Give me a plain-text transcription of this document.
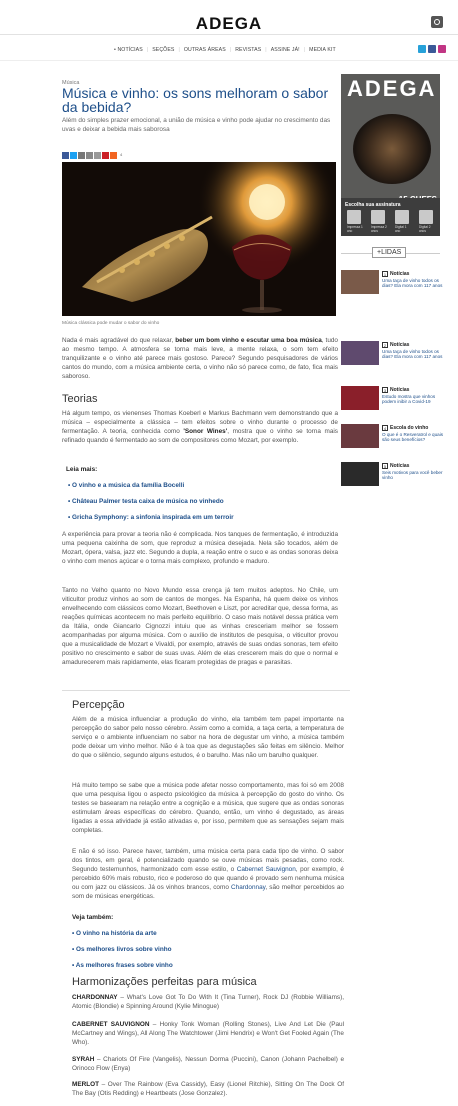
ADEGA
• NOTÍCIAS | SEÇÕES | OUTRAS ÁREAS | REVISTAS | ASSINE JÁ! | MEDIA KIT
Música
Música e vinho: os sons melhoram o sabor da bebida?
Além do simples prazer emocional, a união de música e vinho pode ajudar no crescimento das uvas e deixar a bebida mais saborosa
4
Música clássica pode mudar o sabor do vinho

Nada é mais agradável do que relaxar, beber um bom vinho e escutar uma boa música, tudo ao mesmo tempo. A atmosfera se torna mais leve, a mente relaxa, o som tem efeito tranquilizante e o vinho até parece mais gostoso. Parece? Segundo pesquisadores de vários cantos do mundo, com a música ambiente certa, o vinho não só parece como, de fato, fica mais saboroso.

Teorias

Há algum tempo, os vienenses Thomas Koeberl e Markus Bachmann vem demonstrando que a música – especialmente a clássica – tem efeitos sobre o vinho durante o processo de fermentação. A teoria, conhecida como 'Sonor Wines', mostra que o vinho se torna mais refinado quando é fermentado ao som de compositores como Mozart, por exemplo.

Leia mais:
• O vinho e a música da família Bocelli
• Château Palmer testa caixa de música no vinhedo
• Gricha Symphony: a sinfonia inspirada em um terroir

A experiência para provar a teoria não é complicada. Nos tanques de fermentação, é introduzida uma pequena caixinha de som, que reproduz a música desejada. Nela são tocados, além de Mozart, ópera, valsa, jazz etc. Segundo a dupla, a reação entre o suco e as ondas sonoras deixa o vinho com menos açúcar e o torna mais complexo, profundo e maduro.

Tanto no Velho quanto no Novo Mundo essa crença já tem muitos adeptos. No Chile, um viticultor produz vinhos ao som de cantos de monges. Na Espanha, há quem deixe os vinhos envelhecendo com clássicos como Mozart, Beethoven e Liszt, por acreditar que, dessa forma, as reações químicas acontecem no mais perfeito equilíbrio. O caso mais notável dessa prática vem da Itália, onde Giancarlo Cignozzi intuiu que as vinhas cresceriam melhor se fossem acompanhadas por alguma música. Com o auxílio de institutos de pesquisa, o viticultor provou que a musicalidade de Mozart e Vivaldi, por exemplo, através de suas ondas sonoras, tem efeito positivo no crescimento e sabor de suas uvas. Além de elas crescerem mais do que o normal e amadurecerem mais rapidamente, elas ficaram protegidas de pragas e parasitas.

Percepção

Além de a música influenciar a produção do vinho, ela também tem papel importante na percepção do sabor pelo nosso cérebro. Assim como a comida, a taça certa, a temperatura de serviço e o ambiente influenciam no sabor na hora de degustar um vinho, a música também pode deixar um vinho melhor. Não é à toa que as degustações são feitas em silêncio. Melhor do que o silêncio, segundo alguns estudos, é o barulho. Mas não um barulho qualquer.

Há muito tempo se sabe que a música pode afetar nosso comportamento, mas foi só em 2008 que uma pesquisa ligou o aspecto psicológico da música à percepção do gosto do vinho. Os testes se basearam na relação entre a cognição e a música, que sugere que as ondas sonoras estimulam áreas específicas do cérebro. Quando, então, um vinho é degustado, as áreas ligadas a essa atividade já estão ativadas e, por isso, permitem que as sensações sejam mais completas.

E não é só isso. Parece haver, também, uma música certa para cada tipo de vinho. O sabor dos tintos, em geral, é potencializado quando se ouve músicas mais pesadas, como rock. Segundo testemunhos, harmonizado com esse estilo, o Cabernet Sauvignon, por exemplo, é percebido 60% mais robusto, rico e poderoso do que quando é provado sem nenhuma música ou com jazz ou clássicos. Já os vinhos brancos, como Chardonnay, são melhor percebidos ao som de músicas energéticas.

Veja também:
• O vinho na história da arte
• Os melhores livros sobre vinho
• As melhores frases sobre vinho
Harmonizações perfeitas para música

CHARDONNAY – What's Love Got To Do With It (Tina Turner), Rock DJ (Robbie Williams), Atomic (Blondie) e Spinning Around (Kylie Minogue)

CABERNET SAUVIGNON – Honky Tonk Woman (Rolling Stones), Live And Let Die (Paul McCartney and Wings), All Along The Watchtower (Jimi Hendrix) e Won't Get Fooled Again (The Who).

SYRAH – Chariots Of Fire (Vangelis), Nessun Dorma (Puccini), Canon (Johann Pachelbel) e Orinoco Flow (Enya)

MERLOT – Over The Rainbow (Eva Cassidy), Easy (Lionel Ritchie), Sitting On The Dock Of The Bay (Otis Redding) e Heartbeats (Jose Gonzalez).

ADEGA
Escolha sua assinatura
Impressa 1 ano
Impressa 2 anos
Digital 1 ano
Digital 2 anos
+LIDAS
1 Notícias
Uma taça de vinho todos os dias? Ela mora com 117 anos
2 Notícias
Uma taça de vinho todos os dias? Ela mora com 117 anos
3 Notícias
Estudo mostra que vinhos podem inibir a Covid-19
4 Escola do vinho
O que é o Resveratrol e quais são seus benefícios?
5 Notícias
Seis motivos para você beber vinho
